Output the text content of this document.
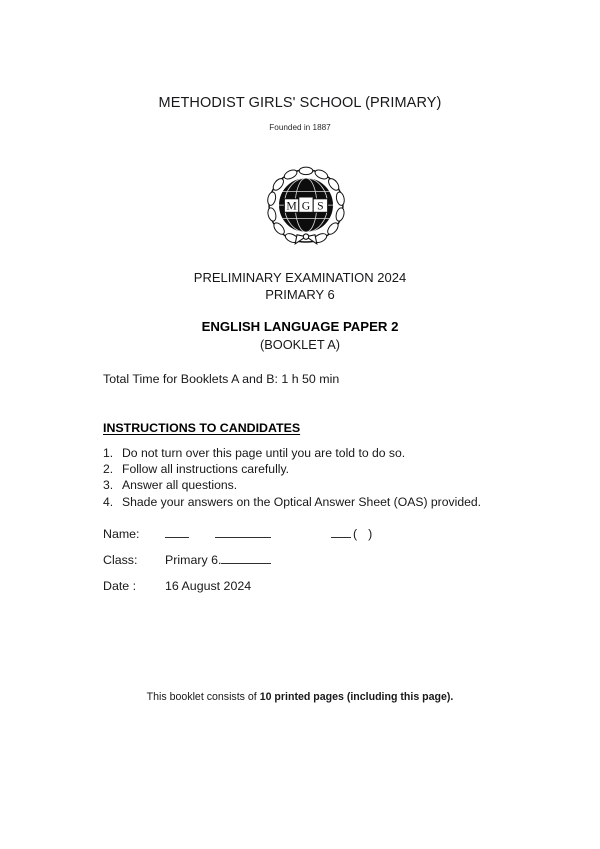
METHODIST GIRLS' SCHOOL (PRIMARY)
Founded in 1887
M G S
PRELIMINARY EXAMINATION 2024
PRIMARY 6
ENGLISH LANGUAGE PAPER 2
(BOOKLET A)
Total Time for Booklets A and B: 1 h 50 min
INSTRUCTIONS TO CANDIDATES
1. Do not turn over this page until you are told to do so.
2. Follow all instructions carefully.
3. Answer all questions.
4. Shade your answers on the Optical Answer Sheet (OAS) provided.
Name:	()
Class:	Primary 6.
Date :	16 August 2024
This booklet consists of 10 printed pages (including this page).
